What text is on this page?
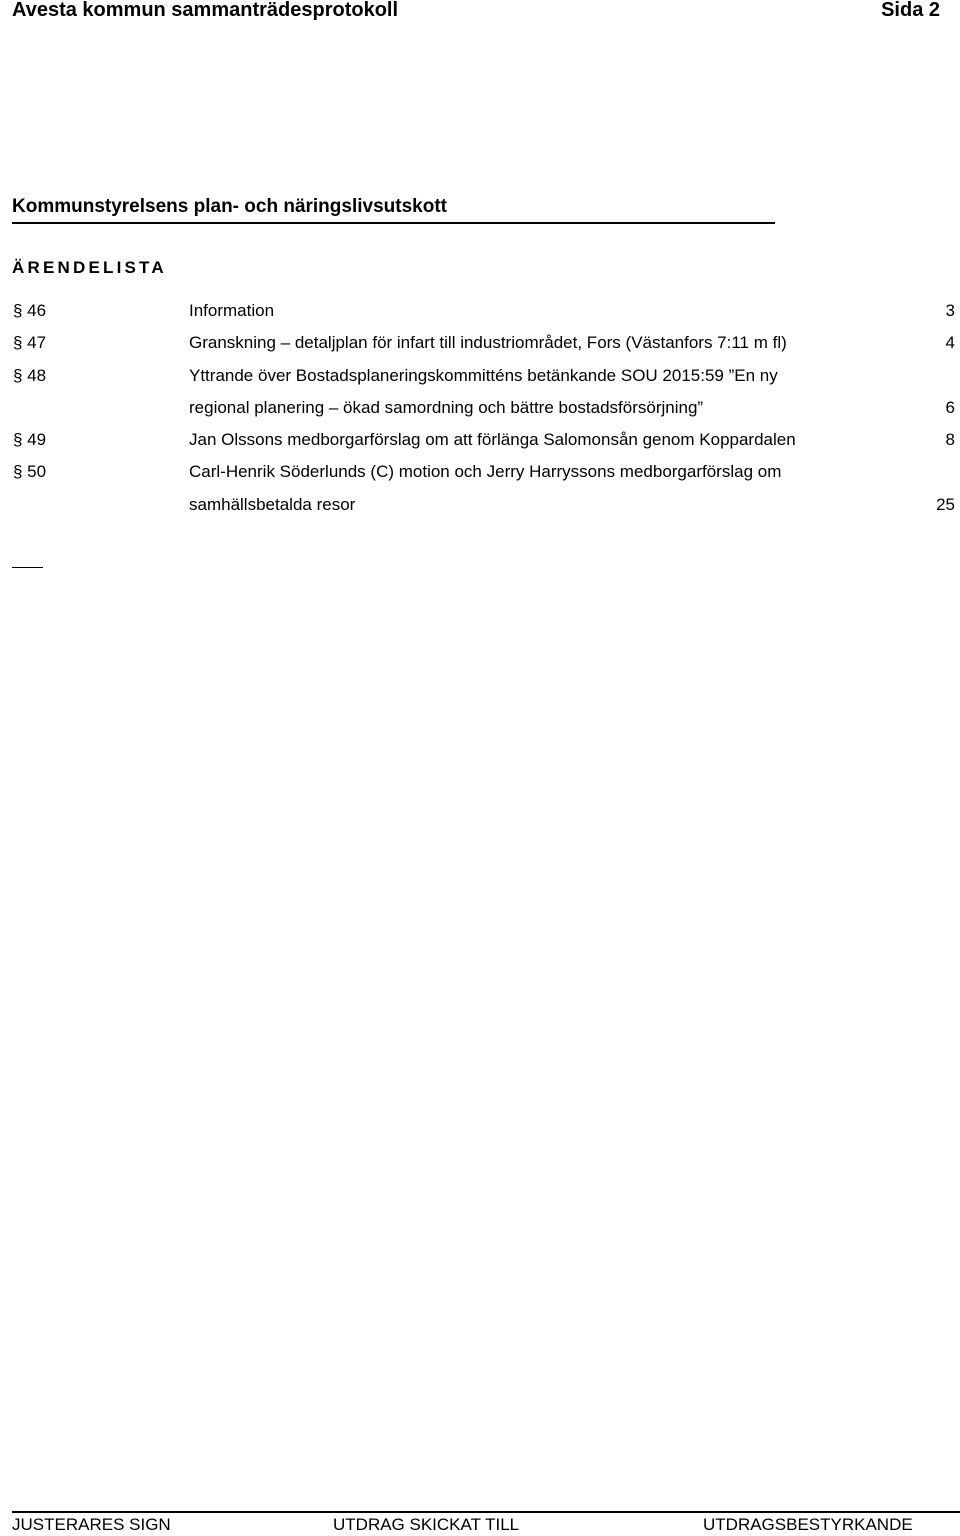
Avesta kommun sammanträdesprotokoll	Sida 2
Kommunstyrelsens plan- och näringslivsutskott
ÄRENDELISTA
§ 46	Information	3
§ 47	Granskning – detaljplan för infart till industriområdet, Fors (Västanfors 7:11 m fl)	4
§ 48	Yttrande över Bostadsplaneringskommitténs betänkande SOU 2015:59 ”En ny
regional planering – ökad samordning och bättre bostadsförsörjning”	6
§ 49	Jan Olssons medborgarförslag om att förlänga Salomonsån genom Koppardalen	8
§ 50	Carl-Henrik Söderlunds (C) motion och Jerry Harryssons medborgarförslag om
samhällsbetalda resor	25
JUSTERARES SIGN	UTDRAG SKICKAT TILL	UTDRAGSBESTYRKANDE
